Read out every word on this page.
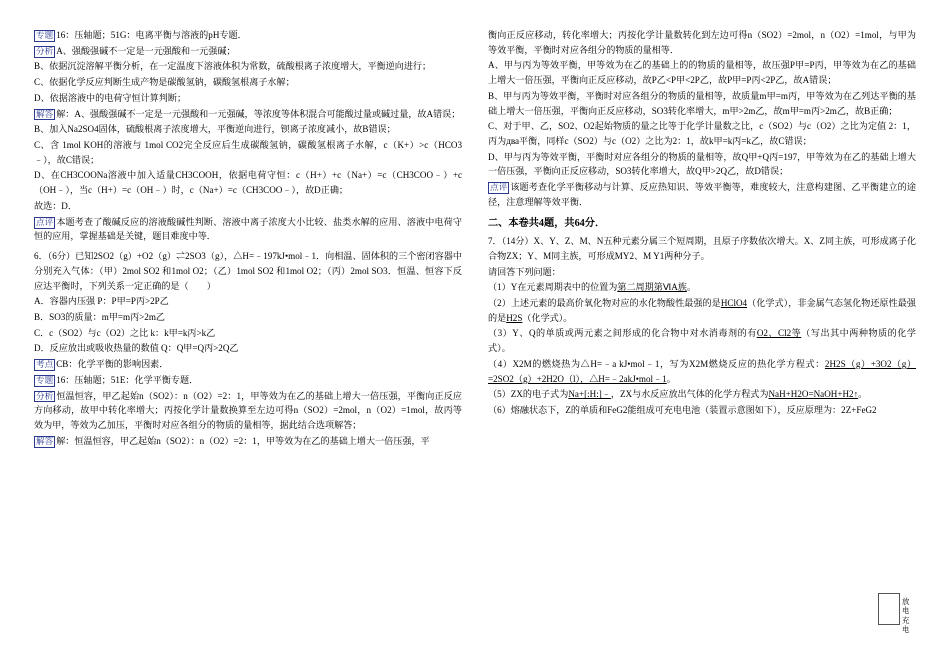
专题 16：压轴题；51G：电离平衡与溶液的pH专题．

分析 A、强酸强碱不一定是一元强酸和一元强碱；

B、依据沉淀溶解平衡分析，在一定温度下溶液体积为常数，硫酸根离子浓度增大，平衡逆向进行；

C、依据化学反应判断生成产物是碳酸氢钠，碳酸氢根离子水解；

D、依据溶液中的电荷守恒计算判断；

解答 解：A、强酸强碱不一定是一元强酸和一元强碱，等浓度等体积混合可能酸过量或碱过量，故A错误；

B、加入Na2SO4固体，硫酸根离子浓度增大，平衡逆向进行，钡离子浓度减小，故B错误；

C、含 1mol KOH的溶液与 1mol CO2完全反应后生成碳酸氢钠，碳酸氢根离子水解，c（K+）>c（HCO3﹣），故C错误；

D、在CH3COONa溶液中加入适量CH3COOH，依据电荷守恒：c（H+）+c（Na+）=c（CH3COO﹣）+c（OH﹣），当c（H+）=c（OH﹣）时，c（Na+）=c（CH3COO﹣），故D正确；

故选：D．

点评 本题考查了酸碱反应的溶液酸碱性判断、溶液中离子浓度大小比较、盐类水解的应用、溶液中电荷守恒的应用，掌握基础是关键，题目难度中等．

6．（6分）已知2SO2（g）+O2（g）⇌2SO3（g），△H=﹣197kJ•mol﹣1．向相温、固体积的三个密闭容器中分别充入气体：（甲）2mol SO2 和1mol O2；（乙）1mol SO2 和1mol O2；（丙）2mol SO3．恒温、恒容下反应达平衡时，下列关系一定正确的是（　　）

A．容器内压强 P：P甲=P丙>2P乙

B．SO3的质量：m甲=m丙>2m乙

C．c（SO2）与c（O2）之比 k：k甲=k丙>k乙

D．反应放出或吸收热量的数值 Q：Q甲=Q丙>2Q乙

考点 CB：化学平衡的影响因素．

专题 16：压轴题；51E：化学平衡专题．

分析 恒温恒容，甲乙起始n（SO2）：n（O2）=2：1，甲等效为在乙的基础上增大一倍压强，平衡向正反应方向移动，故甲中转化率增大；丙按化学计量数换算至左边可得n（SO2）=2mol，n（O2）=1mol，故丙等效为甲，等效为乙加压，平衡时对应各组分的物质的量相等，据此结合选项解答；

解答 解：恒温恒容，甲乙起始n（SO2）：n（O2）=2：1，甲等效为在乙的基础上增大一倍压强，平

衡向正反应移动，转化率增大；丙按化学计量数转化到左边可得n（SO2）=2mol，n（O2）=1mol，与甲为等效平衡，平衡时对应各组分的物质的量相等．

A、甲与丙为等效平衡，甲等效为在乙的基础上的的物质的量相等，故压强P甲=P丙，甲等效为在乙的基础上增大一倍压强，平衡向正反应移动，故P乙<P甲<2P乙，故P甲=P丙<2P乙，故A错误；

B、甲与丙为等效平衡，平衡时对应各组分的物质的量相等，故质量m甲=m丙，甲等效为在乙列达平衡的基础上增大一倍压强，平衡向正反应移动，SO3转化率增大，m甲>2m乙，故m甲=m丙>2m乙，故B正确；

C、对于甲、乙，SO2、O2起始物质的量之比等于化学计量数之比，c（SO2）与c（O2）之比为定值 2：1，丙为два平衡，同样c（SO2）与c（O2）之比为2：1，故k甲=k丙=k乙，故C错误；

D、甲与丙为等效平衡，平衡时对应各组分的物质的量相等，故Q甲+Q丙=197，甲等效为在乙的基础上增大一倍压强，平衡向正反应移动，SO3转化率增大，故Q甲>2Q乙，故D错误；

点评 该题考查化学平衡移动与计算、反应热知识、等效平衡等，难度较大，注意构建图、乙平衡建立的途径，注意理解等效平衡．

二、本卷共4题，共64分．

7．（14分）X、Y、Z、M、N五种元素分属三个短周期，且原子序数依次增大。X、Z同主族，可形成离子化合物ZX；Y、M同主族，可形成MY2、M Y1两种分子。

请回答下列问题：

（1）Y在元素周期表中的位置为第二周期第ⅥA族。

（2）上述元素的最高价氧化物对应的水化物酸性最强的是HClO4（化学式），非金属气态氢化物还原性最强的是H2S（化学式）。

（3）Y、Q的单质或两元素之间形成的化合物中对水消毒剂的有O2、Cl2等（写出其中两种物质的化学式）。

（4）X2M的燃烧热为△H=﹣a kJ•mol﹣1，写为X2M燃烧反应的热化学方程式：2H2S（g）+3O2（g）=2SO2（g）+2H2O（l），△H=﹣2akJ•mol﹣1。

（5）ZX的电子式为Na+[:H:]﹣，ZX与水反应放出气体的化学方程式为NaH+H2O=NaOH+H2↑。

（6）熔融状态下，Z的单质和FeG2能组成可充电电池（装置示意图如下），反应原理为：2Z+FeG2

放电
充电
